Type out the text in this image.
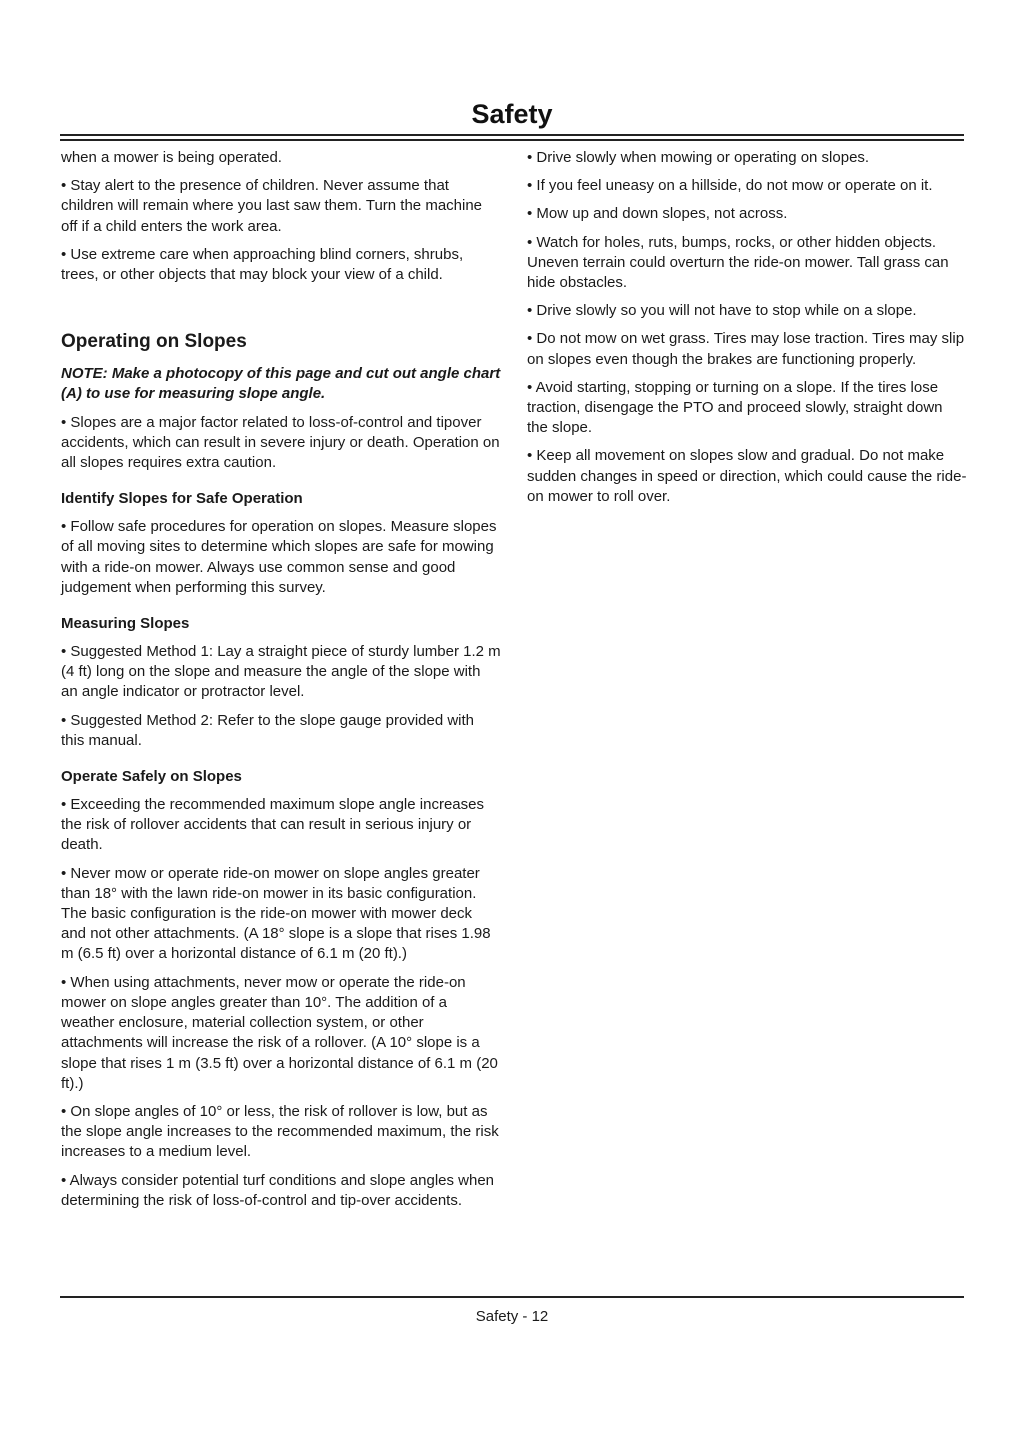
Safety

when a mower is being operated.

• Stay alert to the presence of children. Never assume that children will remain where you last saw them. Turn the machine off if a child enters the work area.

• Use extreme care when approaching blind corners, shrubs, trees, or other objects that may block your view of a child.

Operating on Slopes

NOTE: Make a photocopy of this page and cut out angle chart (A) to use for measuring slope angle.

• Slopes are a major factor related to loss-of-control and tipover accidents, which can result in severe injury or death. Operation on all slopes requires extra caution.

Identify Slopes for Safe Operation

• Follow safe procedures for operation on slopes. Measure slopes of all moving sites to determine which slopes are safe for mowing with a ride-on mower. Always use common sense and good judgement when performing this survey.

Measuring Slopes

• Suggested Method 1: Lay a straight piece of sturdy lumber 1.2 m (4 ft) long on the slope and measure the angle of the slope with an angle indicator or protractor level.

• Suggested Method 2: Refer to the slope gauge provided with this manual.

Operate Safely on Slopes

• Exceeding the recommended maximum slope angle increases the risk of rollover accidents that can result in serious injury or death.

• Never mow or operate ride-on mower on slope angles greater than 18° with the lawn ride-on mower in its basic configuration. The basic configuration is the ride-on mower with mower deck and not other attachments. (A 18° slope is a slope that rises 1.98 m (6.5 ft) over a horizontal distance of 6.1 m (20 ft).)

• When using attachments, never mow or operate the ride-on mower on slope angles greater than 10°. The addition of a weather enclosure, material collection system, or other attachments will increase the risk of a rollover. (A 10° slope is a slope that rises 1 m (3.5 ft) over a horizontal distance of 6.1 m (20 ft).)

• On slope angles of 10° or less, the risk of rollover is low, but as the slope angle increases to the recommended maximum, the risk increases to a medium level.

• Always consider potential turf conditions and slope angles when determining the risk of loss-of-control and tip-over accidents.

• Drive slowly when mowing or operating on slopes.

• If you feel uneasy on a hillside, do not mow or operate on it.

• Mow up and down slopes, not across.

• Watch for holes, ruts, bumps, rocks, or other hidden objects. Uneven terrain could overturn the ride-on mower. Tall grass can hide obstacles.

• Drive slowly so you will not have to stop while on a slope.

• Do not mow on wet grass. Tires may lose traction. Tires may slip on slopes even though the brakes are functioning properly.

• Avoid starting, stopping or turning on a slope. If the tires lose traction, disengage the PTO and proceed slowly, straight down the slope.

• Keep all movement on slopes slow and gradual. Do not make sudden changes in speed or direction, which could cause the ride-on mower to roll over.

Safety - 12
